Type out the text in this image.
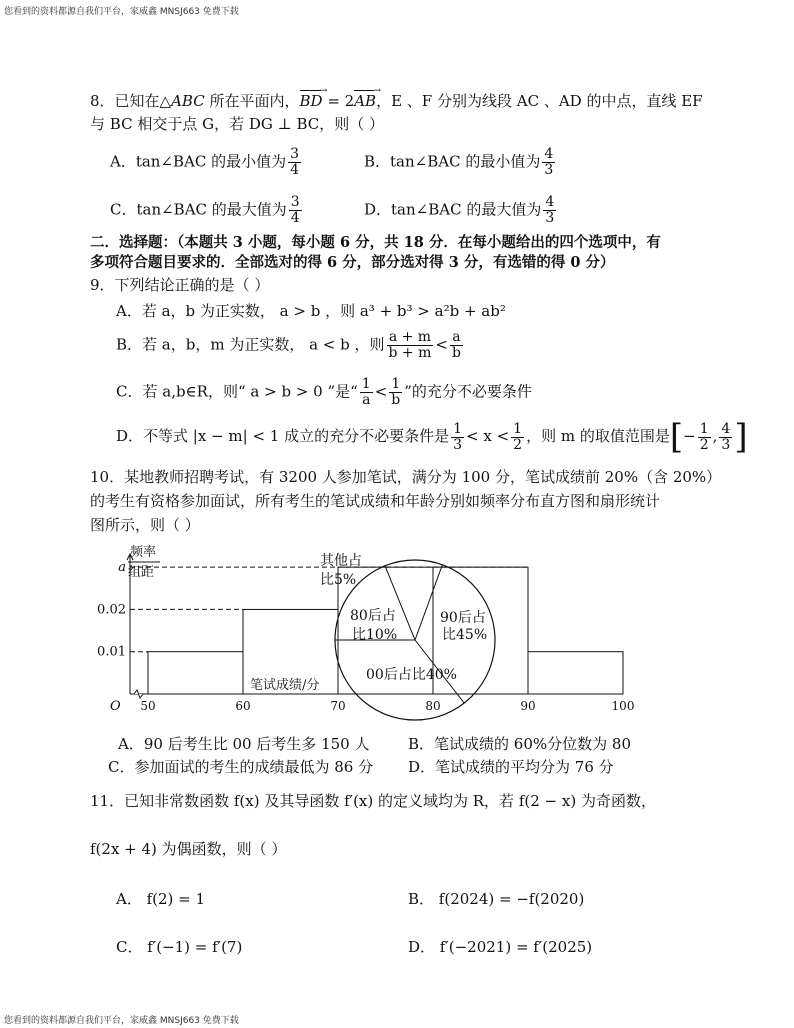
您看到的资料都源自我们平台，家威鑫 MNSJ663 免费下载
您看到的资料都源自我们平台，家威鑫 MNSJ663 免费下载
8．已知在△ABC 所在平面内，BD → = 2AB →，E 、F 分别为线段 AC 、AD 的中点，直线 EF
与 BC 相交于点 G，若 DG ⊥ BC，则（ ）
A．tan∠BAC 的最小值为 $\frac{3}{4}$	B．tan∠BAC 的最小值为 $\frac{4}{3}$
C．tan∠BAC 的最大值为 $\frac{3}{4}$	D．tan∠BAC 的最大值为 $\frac{4}{3}$
二．选择题：（本题共 3 小题，每小题 6 分，共 18 分．在每小题给出的四个选项中，有
多项符合题目要求的．全部选对的得 6 分，部分选对得 3 分，有选错的得 0 分）
9．下列结论正确的是（ ）
A．若 a，b 为正实数， a > b ，则 a³ + b³ > a²b + ab²
B．若 a，b，m 为正实数， a < b ，则 $\frac{a + m}{b + m} < \frac{a}{b}$
C．若 a,b∈R，则“ a > b > 0 ”是“ $\frac{1}{a} < \frac{1}{b}$ ”的充分不必要条件
D．不等式 |x − m| < 1 成立的充分不必要条件是 $\frac{1}{3} < x < \frac{1}{2}$ ，则 m 的取值范围是[− $\frac{1}{2}$ , $\frac{4}{3}$ ]
10．某地教师招聘考试，有 3200 人参加笔试，满分为 100 分，笔试成绩前 20%（含 20%）
的考生有资格参加面试，所有考生的笔试成绩和年龄分别如频率分布直方图和扇形统计
图所示，则（ ）
频率
组距
O
0.01
0.02
a
50	60	70	80	90	100
笔试成绩/分
90后占
比45%
00后占比40%
80后占
比10%
其他占
比5%
A．90 后考生比 00 后考生多 150 人	B．笔试成绩的 60%分位数为 80
C．参加面试的考生的成绩最低为 86 分 D．笔试成绩的平均分为 76 分
11．已知非常数函数 f(x) 及其导函数 f′(x) 的定义域均为 R，若 f(2 − x) 为奇函数，
f(2x + 4) 为偶函数，则（ ）
A． f(2) = 1	B． f(2024) = −f(2020)
C． f′(−1) = f′(7)	D． f′(−2021) = f′(2025)
